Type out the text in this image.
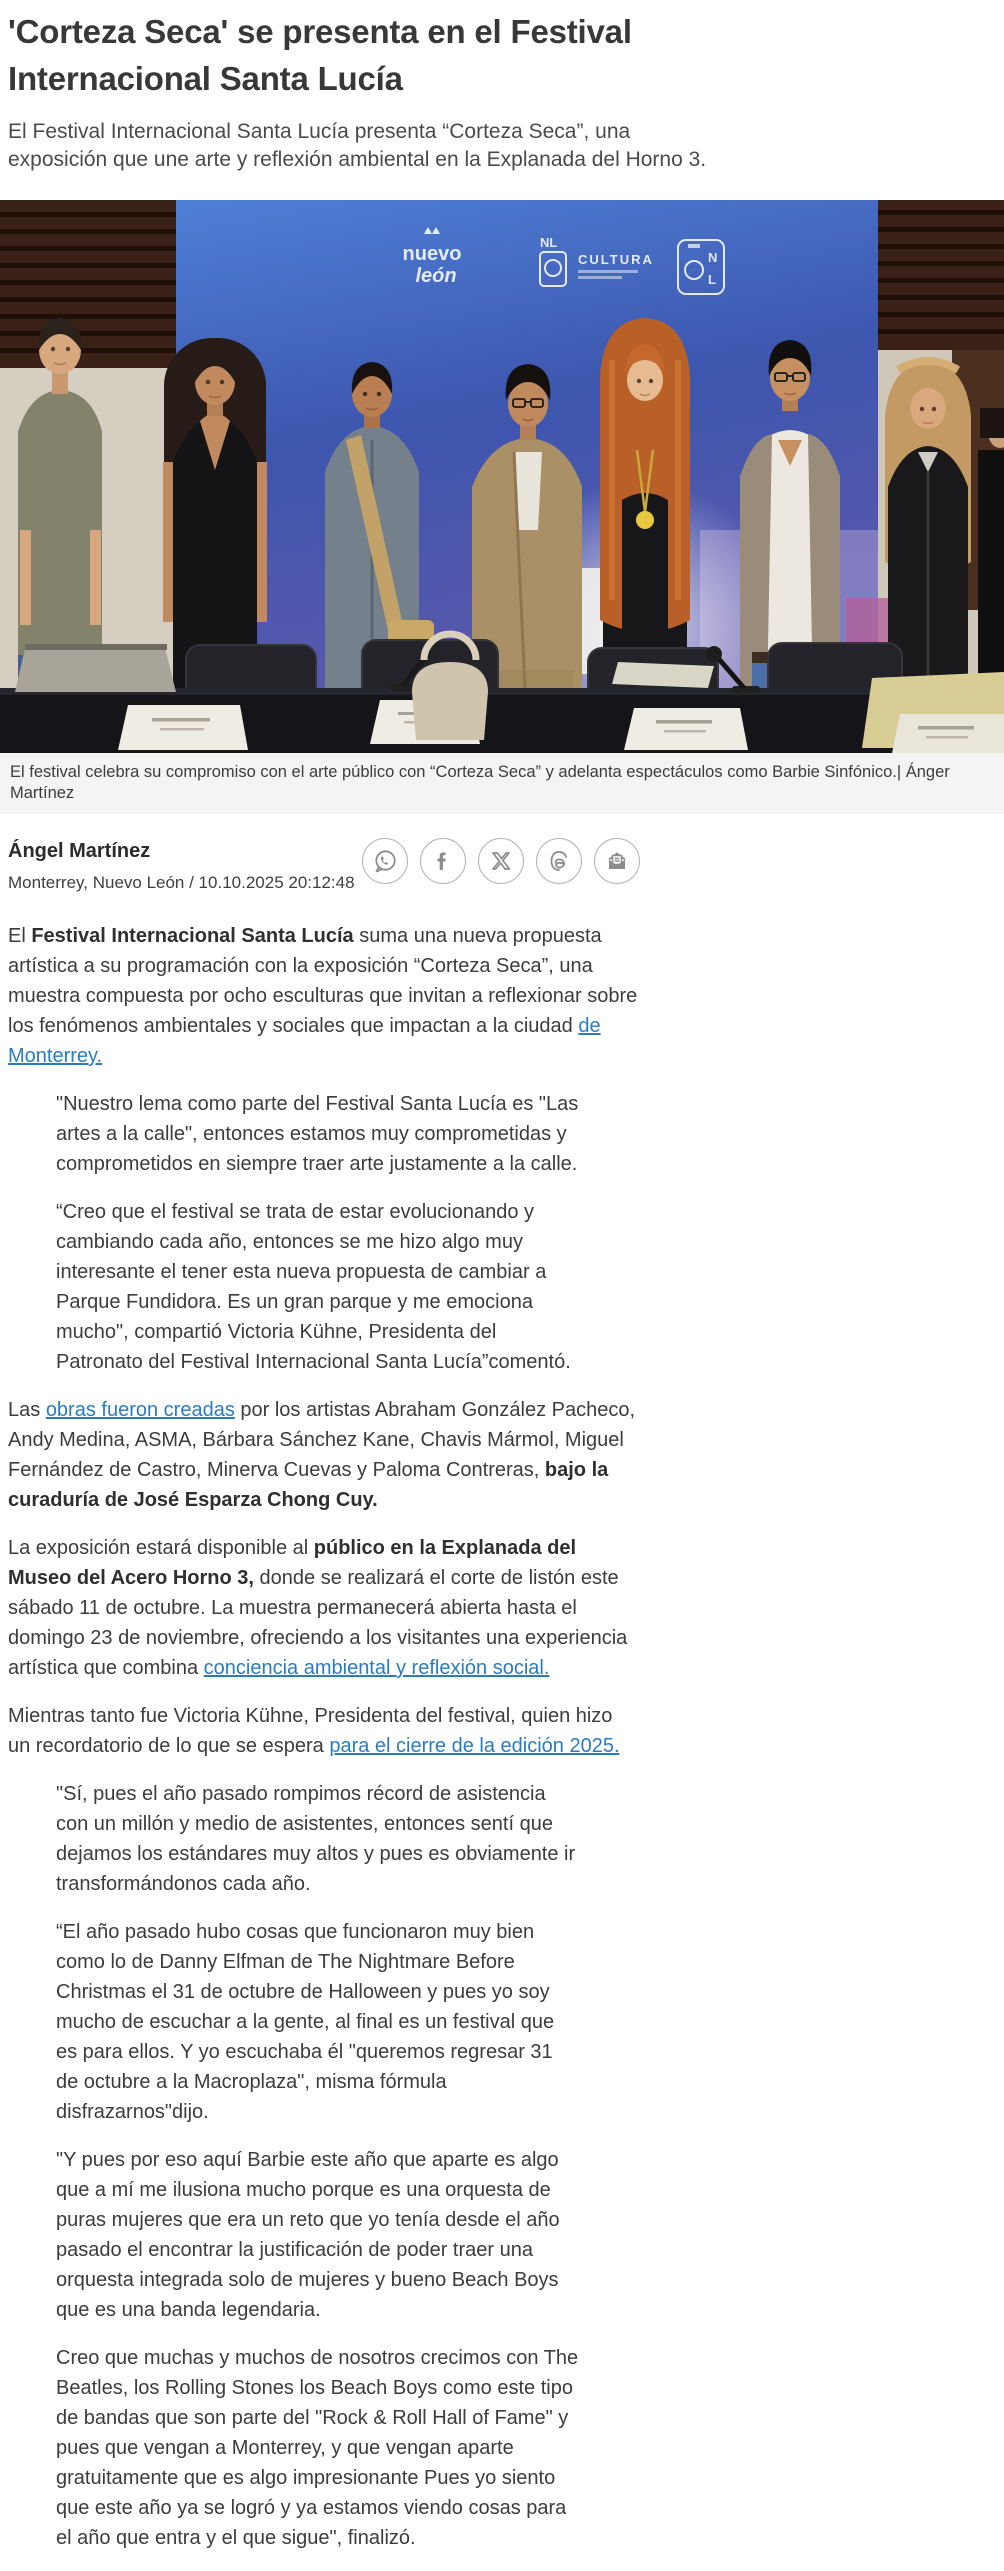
'Corteza Seca' se presenta en el Festival Internacional Santa Lucía

El Festival Internacional Santa Lucía presenta “Corteza Seca”, una exposición que une arte y reflexión ambiental en la Explanada del Horno 3.

nuevo
león
NL
CULTURA	N
L
El festival celebra su compromiso con el arte público con “Corteza Seca” y adelanta espectáculos como Barbie Sinfónico.| Ánger Martínez
Ángel Martínez
Monterrey, Nuevo León / 10.10.2025 20:12:48

El Festival Internacional Santa Lucía suma una nueva propuesta artística a su programación con la exposición “Corteza Seca”, una muestra compuesta por ocho esculturas que invitan a reflexionar sobre los fenómenos ambientales y sociales que impactan a la ciudad de Monterrey.

"Nuestro lema como parte del Festival Santa Lucía es "Las artes a la calle", entonces estamos muy comprometidas y comprometidos en siempre traer arte justamente a la calle.
“Creo que el festival se trata de estar evolucionando y cambiando cada año, entonces se me hizo algo muy interesante el tener esta nueva propuesta de cambiar a Parque Fundidora. Es un gran parque y me emociona mucho", compartió Victoria Kühne, Presidenta del Patronato del Festival Internacional Santa Lucía”comentó.

Las obras fueron creadas por los artistas Abraham González Pacheco, Andy Medina, ASMA, Bárbara Sánchez Kane, Chavis Mármol, Miguel Fernández de Castro, Minerva Cuevas y Paloma Contreras, bajo la curaduría de José Esparza Chong Cuy.

La exposición estará disponible al público en la Explanada del Museo del Acero Horno 3, donde se realizará el corte de listón este sábado 11 de octubre. La muestra permanecerá abierta hasta el domingo 23 de noviembre, ofreciendo a los visitantes una experiencia artística que combina conciencia ambiental y reflexión social.

Mientras tanto fue Victoria Kühne, Presidenta del festival, quien hizo un recordatorio de lo que se espera para el cierre de la edición 2025.

"Sí, pues el año pasado rompimos récord de asistencia con un millón y medio de asistentes, entonces sentí que dejamos los estándares muy altos y pues es obviamente ir transformándonos cada año.
“El año pasado hubo cosas que funcionaron muy bien como lo de Danny Elfman de The Nightmare Before Christmas el 31 de octubre de Halloween y pues yo soy mucho de escuchar a la gente, al final es un festival que es para ellos. Y yo escuchaba él "queremos regresar 31 de octubre a la Macroplaza", misma fórmula disfrazarnos"dijo.
"Y pues por eso aquí Barbie este año que aparte es algo que a mí me ilusiona mucho porque es una orquesta de puras mujeres que era un reto que yo tenía desde el año pasado el encontrar la justificación de poder traer una orquesta integrada solo de mujeres y bueno Beach Boys que es una banda legendaria.
Creo que muchas y muchos de nosotros crecimos con The Beatles, los Rolling Stones los Beach Boys como este tipo de bandas que son parte del "Rock & Roll Hall of Fame" y pues que vengan a Monterrey, y que vengan aparte gratuitamente que es algo impresionante Pues yo siento que este año ya se logró y ya estamos viendo cosas para el año que entra y el que sigue", finalizó.
